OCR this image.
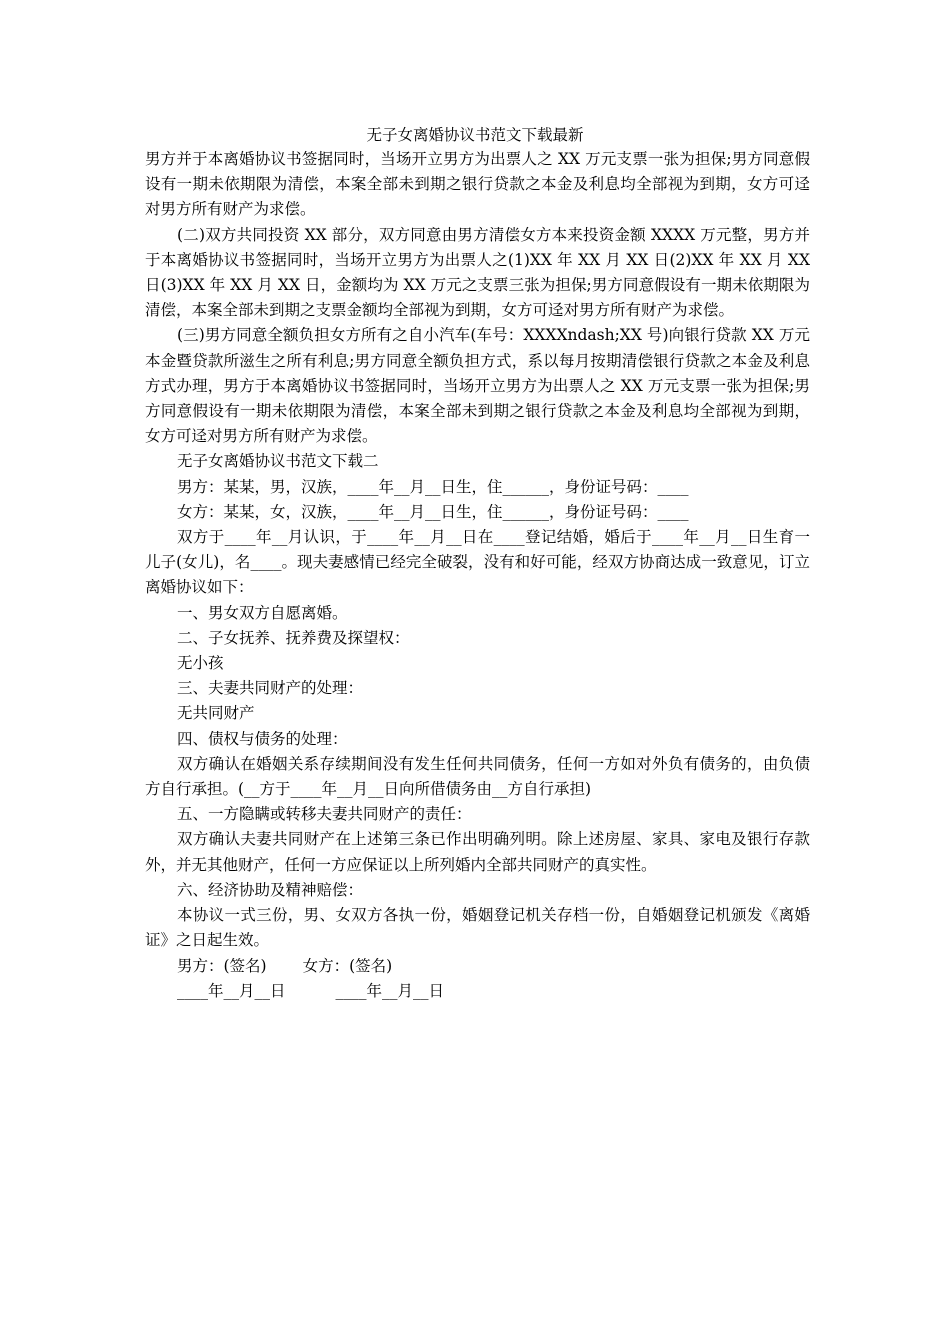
无子女离婚协议书范文下载最新

男方并于本离婚协议书签据同时，当场开立男方为出票人之 XX 万元支票一张为担保;男方同意假设有一期未依期限为清偿，本案全部未到期之银行贷款之本金及利息均全部视为到期，女方可迳对男方所有财产为求偿。

(二)双方共同投资 XX 部分，双方同意由男方清偿女方本来投资金额 XXXX 万元整，男方并于本离婚协议书签据同时，当场开立男方为出票人之(1)XX 年 XX 月 XX 日(2)XX 年 XX 月 XX 日(3)XX 年 XX 月 XX 日，金额均为 XX 万元之支票三张为担保;男方同意假设有一期未依期限为清偿，本案全部未到期之支票金额均全部视为到期，女方可迳对男方所有财产为求偿。

(三)男方同意全额负担女方所有之自小汽车(车号：XXXXndash;XX 号)向银行贷款 XX 万元本金暨贷款所滋生之所有利息;男方同意全额负担方式，系以每月按期清偿银行贷款之本金及利息方式办理，男方于本离婚协议书签据同时，当场开立男方为出票人之 XX 万元支票一张为担保;男方同意假设有一期未依期限为清偿，本案全部未到期之银行贷款之本金及利息均全部视为到期，女方可迳对男方所有财产为求偿。

无子女离婚协议书范文下载二

男方：某某，男，汉族，____年__月__日生，住______，身份证号码：____

女方：某某，女，汉族，____年__月__日生，住______，身份证号码：____

双方于____年__月认识，于____年__月__日在____登记结婚，婚后于____年__月__日生育一儿子(女儿)，名____。现夫妻感情已经完全破裂，没有和好可能，经双方协商达成一致意见，订立离婚协议如下：

一、男女双方自愿离婚。

二、子女抚养、抚养费及探望权：

无小孩

三、夫妻共同财产的处理：

无共同财产

四、债权与债务的处理：

双方确认在婚姻关系存续期间没有发生任何共同债务，任何一方如对外负有债务的，由负债方自行承担。(__方于____年__月__日向所借债务由__方自行承担)

五、一方隐瞒或转移夫妻共同财产的责任：

双方确认夫妻共同财产在上述第三条已作出明确列明。除上述房屋、家具、家电及银行存款外，并无其他财产，任何一方应保证以上所列婚内全部共同财产的真实性。

六、经济协助及精神赔偿：

本协议一式三份，男、女双方各执一份，婚姻登记机关存档一份，自婚姻登记机颁发《离婚证》之日起生效。

男方：(签名) 女方：(签名)

____年__月__日	____年__月__日
